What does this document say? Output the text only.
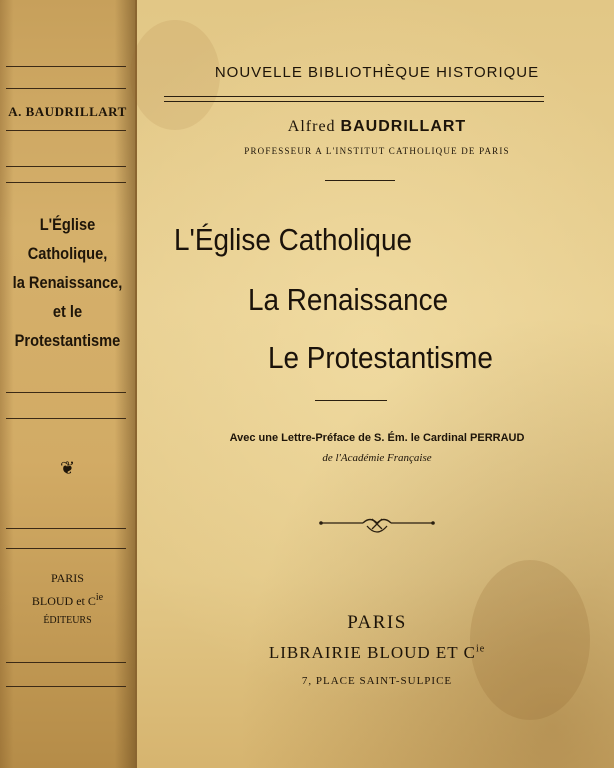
A. BAUDRILLART
L'Église
Catholique,
la Renaissance,
et le
Protestantisme
❦
PARIS
BLOUD et $C^{ie}$
ÉDITEURS
NOUVELLE BIBLIOTHÈQUE HISTORIQUE
Alfred BAUDRILLART
PROFESSEUR A L'INSTITUT CATHOLIQUE DE PARIS
L'Église Catholique
La Renaissance
Le Protestantisme
Avec une Lettre-Préface de S. Ém. le Cardinal PERRAUD
de l'Académie Française
PARIS
LIBRAIRIE BLOUD ET $C^{ie}$
7, PLACE SAINT-SULPICE
